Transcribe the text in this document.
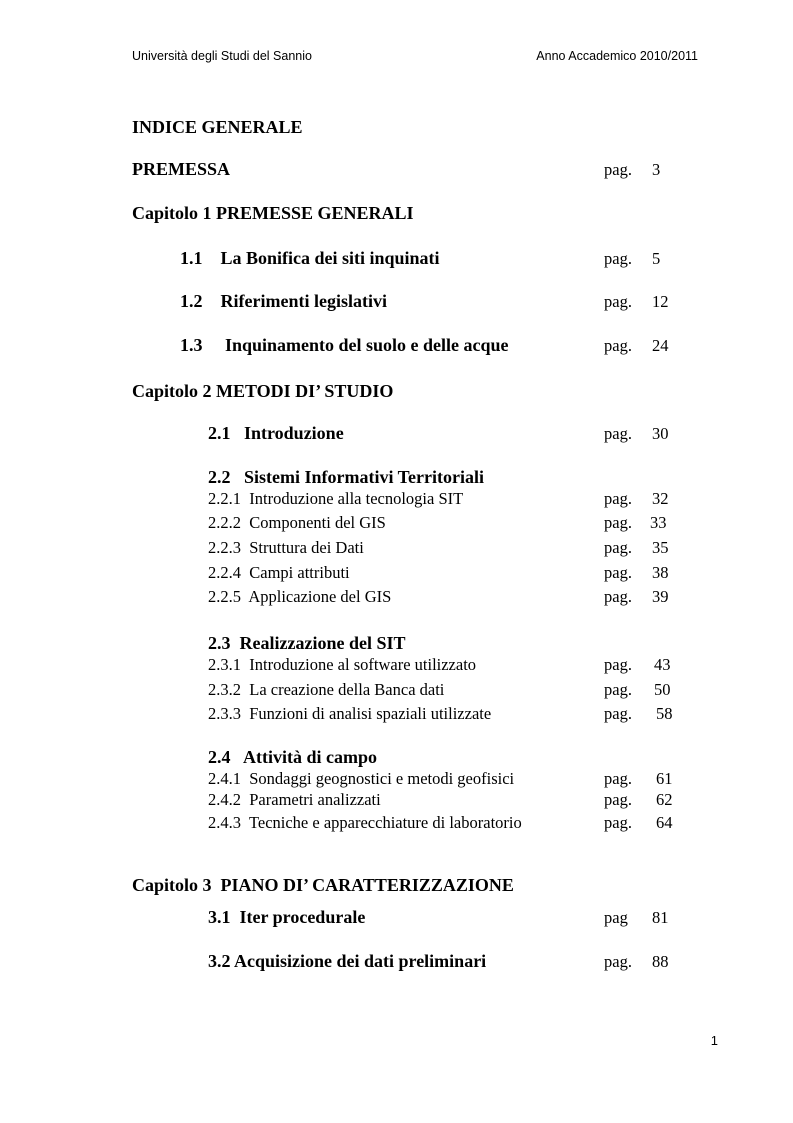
Università degli Studi del Sannio	Anno Accademico 2010/2011
INDICE GENERALE
PREMESSA	pag. 3
Capitolo 1 PREMESSE GENERALI
1.1    La Bonifica dei siti inquinati	pag. 5
1.2    Riferimenti legislativi	pag. 12
1.3     Inquinamento del suolo e delle acque	pag. 24
Capitolo 2 METODI DI’ STUDIO
2.1   Introduzione	pag. 30
2.2   Sistemi Informativi Territoriali
2.2.1  Introduzione alla tecnologia SIT	pag. 32
2.2.2  Componenti del GIS	pag. 33
2.2.3  Struttura dei Dati	pag. 35
2.2.4  Campi attributi	pag. 38
2.2.5  Applicazione del GIS	pag. 39
2.3  Realizzazione del SIT
2.3.1  Introduzione al software utilizzato	pag. 43
2.3.2  La creazione della Banca dati	pag. 50
2.3.3  Funzioni di analisi spaziali utilizzate	pag. 58
2.4   Attività di campo
2.4.1  Sondaggi geognostici e metodi geofisici	pag. 61
2.4.2  Parametri analizzati	pag. 62
2.4.3  Tecniche e apparecchiature di laboratorio	pag. 64
Capitolo 3  PIANO DI’ CARATTERIZZAZIONE
3.1  Iter procedurale	pag 81
3.2 Acquisizione dei dati preliminari	pag. 88
1
